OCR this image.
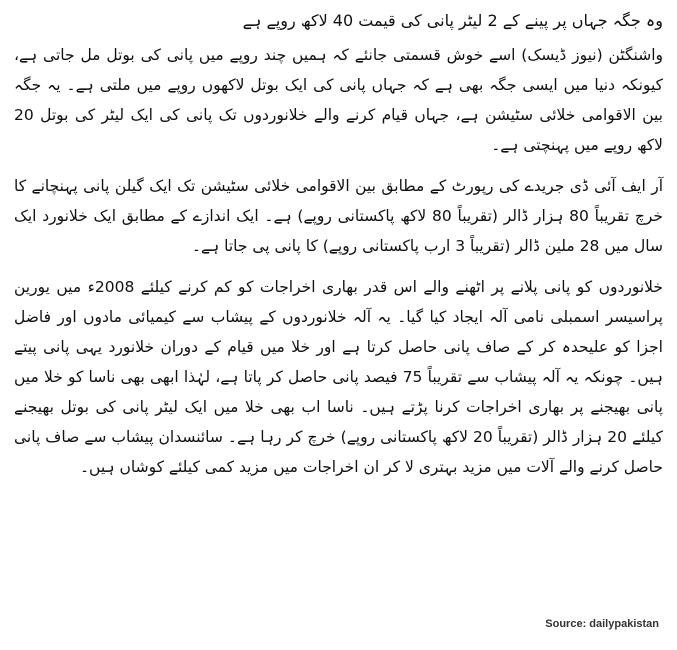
وہ جگہ جہاں پر پینے کے 2 لیٹر پانی کی قیمت 40 لاکھ روپے ہے

واشنگٹن (نیوز ڈیسک) اسے خوش قسمتی جانئے کہ ہمیں چند روپے میں پانی کی بوتل مل جاتی ہے، کیونکہ دنیا میں ایسی جگہ بھی ہے کہ جہاں پانی کی ایک بوتل لاکھوں روپے میں ملتی ہے۔ یہ جگہ بین الاقوامی خلائی سٹیشن ہے، جہاں قیام کرنے والے خلانوردوں تک پانی کی ایک لیٹر کی بوتل 20 لاکھ روپے میں پہنچتی ہے۔

آر ایف آئی ڈی جریدے کی رپورٹ کے مطابق بین الاقوامی خلائی سٹیشن تک ایک گیلن پانی پہنچانے کا خرچ تقریباً 80 ہزار ڈالر (تقریباً 80 لاکھ پاکستانی روپے) ہے۔ ایک اندازے کے مطابق ایک خلانورد ایک سال میں 28 ملین ڈالر (تقریباً 3 ارب پاکستانی روپے) کا پانی پی جاتا ہے۔

خلانوردوں کو پانی پلانے پر اٹھنے والے اس قدر بھاری اخراجات کو کم کرنے کیلئے 2008ء میں یورین پراسیسر اسمبلی نامی آلہ ایجاد کیا گیا۔ یہ آلہ خلانوردوں کے پیشاب سے کیمیائی مادوں اور فاضل اجزا کو علیحدہ کر کے صاف پانی حاصل کرتا ہے اور خلا میں قیام کے دوران خلانورد یہی پانی پیتے ہیں۔ چونکہ یہ آلہ پیشاب سے تقریباً 75 فیصد پانی حاصل کر پاتا ہے، لہٰذا ابھی بھی ناسا کو خلا میں پانی بھیجنے پر بھاری اخراجات کرنا پڑتے ہیں۔ ناسا اب بھی خلا میں ایک لیٹر پانی کی بوتل بھیجنے کیلئے 20 ہزار ڈالر (تقریباً 20 لاکھ پاکستانی روپے) خرچ کر رہا ہے۔ سائنسدان پیشاب سے صاف پانی حاصل کرنے والے آلات میں مزید بہتری لا کر ان اخراجات میں مزید کمی کیلئے کوشاں ہیں۔

Source: dailypakistan
